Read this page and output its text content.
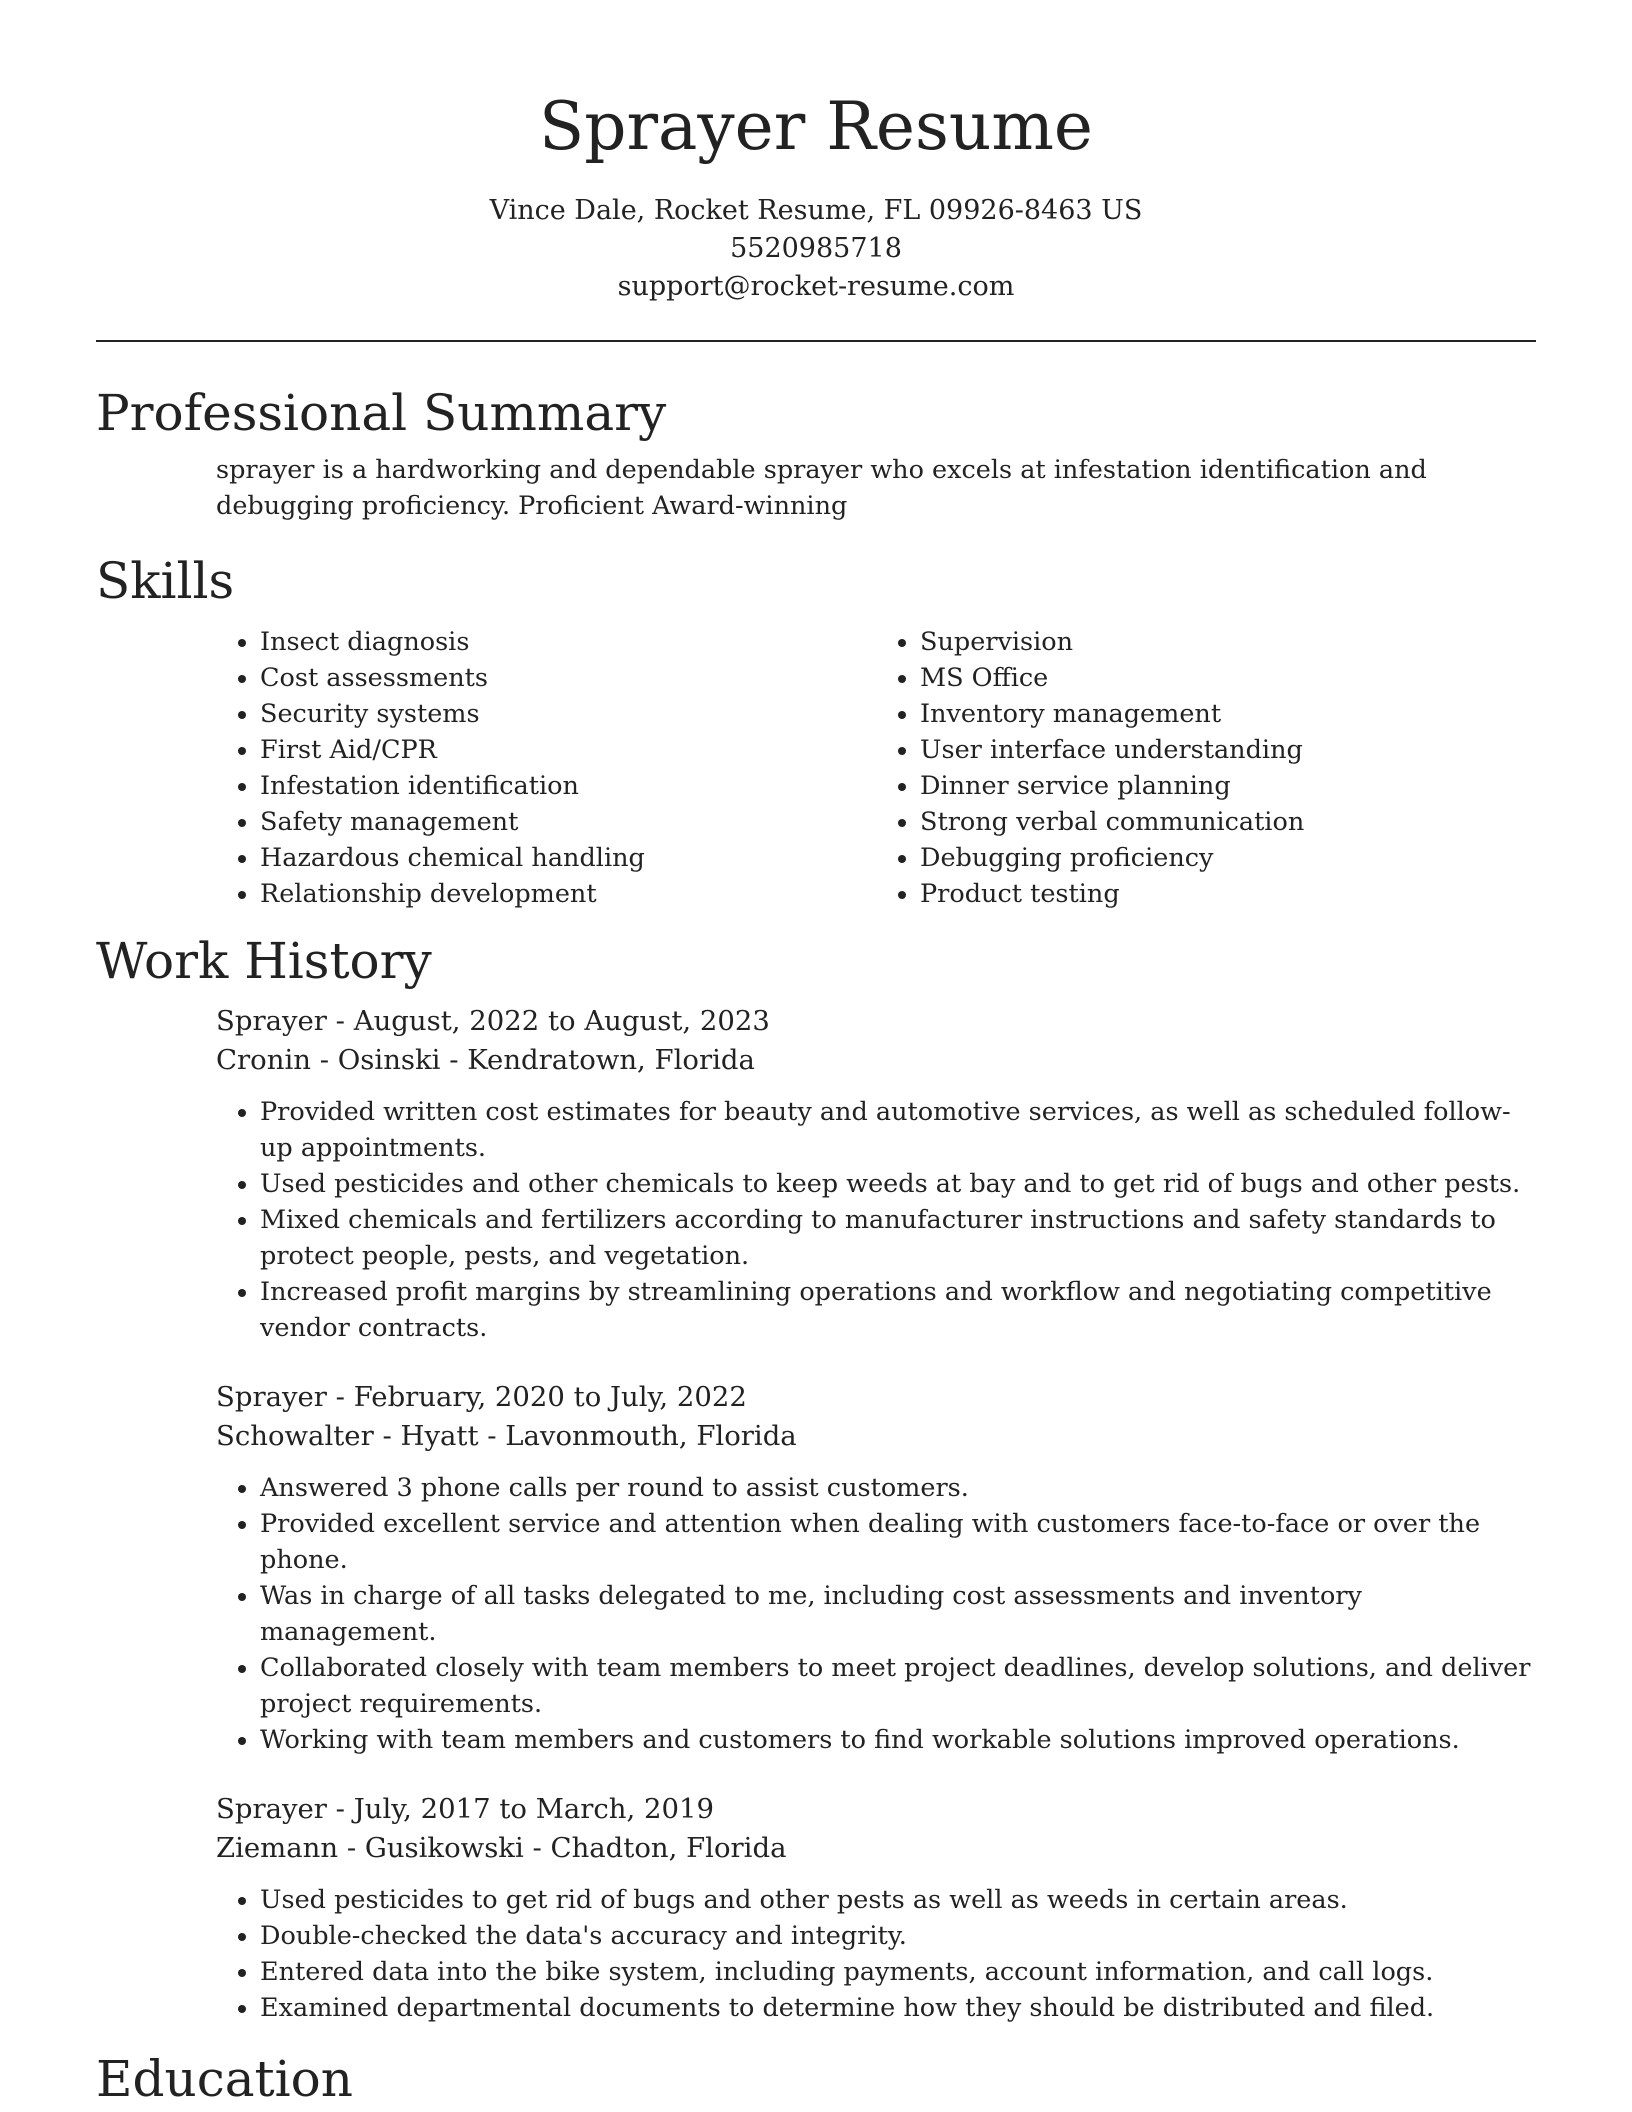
Sprayer Resume
Vince Dale, Rocket Resume, FL 09926-8463 US
5520985718
support@rocket-resume.com
Professional Summary
sprayer is a hardworking and dependable sprayer who excels at infestation identification and debugging proficiency. Proficient Award-winning
Skills
• Insect diagnosis
• Cost assessments
• Security systems
• First Aid/CPR
• Infestation identification
• Safety management
• Hazardous chemical handling
• Relationship development
• Supervision
• MS Office
• Inventory management
• User interface understanding
• Dinner service planning
• Strong verbal communication
• Debugging proficiency
• Product testing
Work History
Sprayer - August, 2022 to August, 2023
Cronin - Osinski - Kendratown, Florida
• Provided written cost estimates for beauty and automotive services, as well as scheduled follow-up appointments.
• Used pesticides and other chemicals to keep weeds at bay and to get rid of bugs and other pests.
• Mixed chemicals and fertilizers according to manufacturer instructions and safety standards to protect people, pests, and vegetation.
• Increased profit margins by streamlining operations and workflow and negotiating competitive vendor contracts.
Sprayer - February, 2020 to July, 2022
Schowalter - Hyatt - Lavonmouth, Florida
• Answered 3 phone calls per round to assist customers.
• Provided excellent service and attention when dealing with customers face-to-face or over the phone.
• Was in charge of all tasks delegated to me, including cost assessments and inventory management.
• Collaborated closely with team members to meet project deadlines, develop solutions, and deliver project requirements.
• Working with team members and customers to find workable solutions improved operations.
Sprayer - July, 2017 to March, 2019
Ziemann - Gusikowski - Chadton, Florida
• Used pesticides to get rid of bugs and other pests as well as weeds in certain areas.
• Double-checked the data's accuracy and integrity.
• Entered data into the bike system, including payments, account information, and call logs.
• Examined departmental documents to determine how they should be distributed and filed.
Education
